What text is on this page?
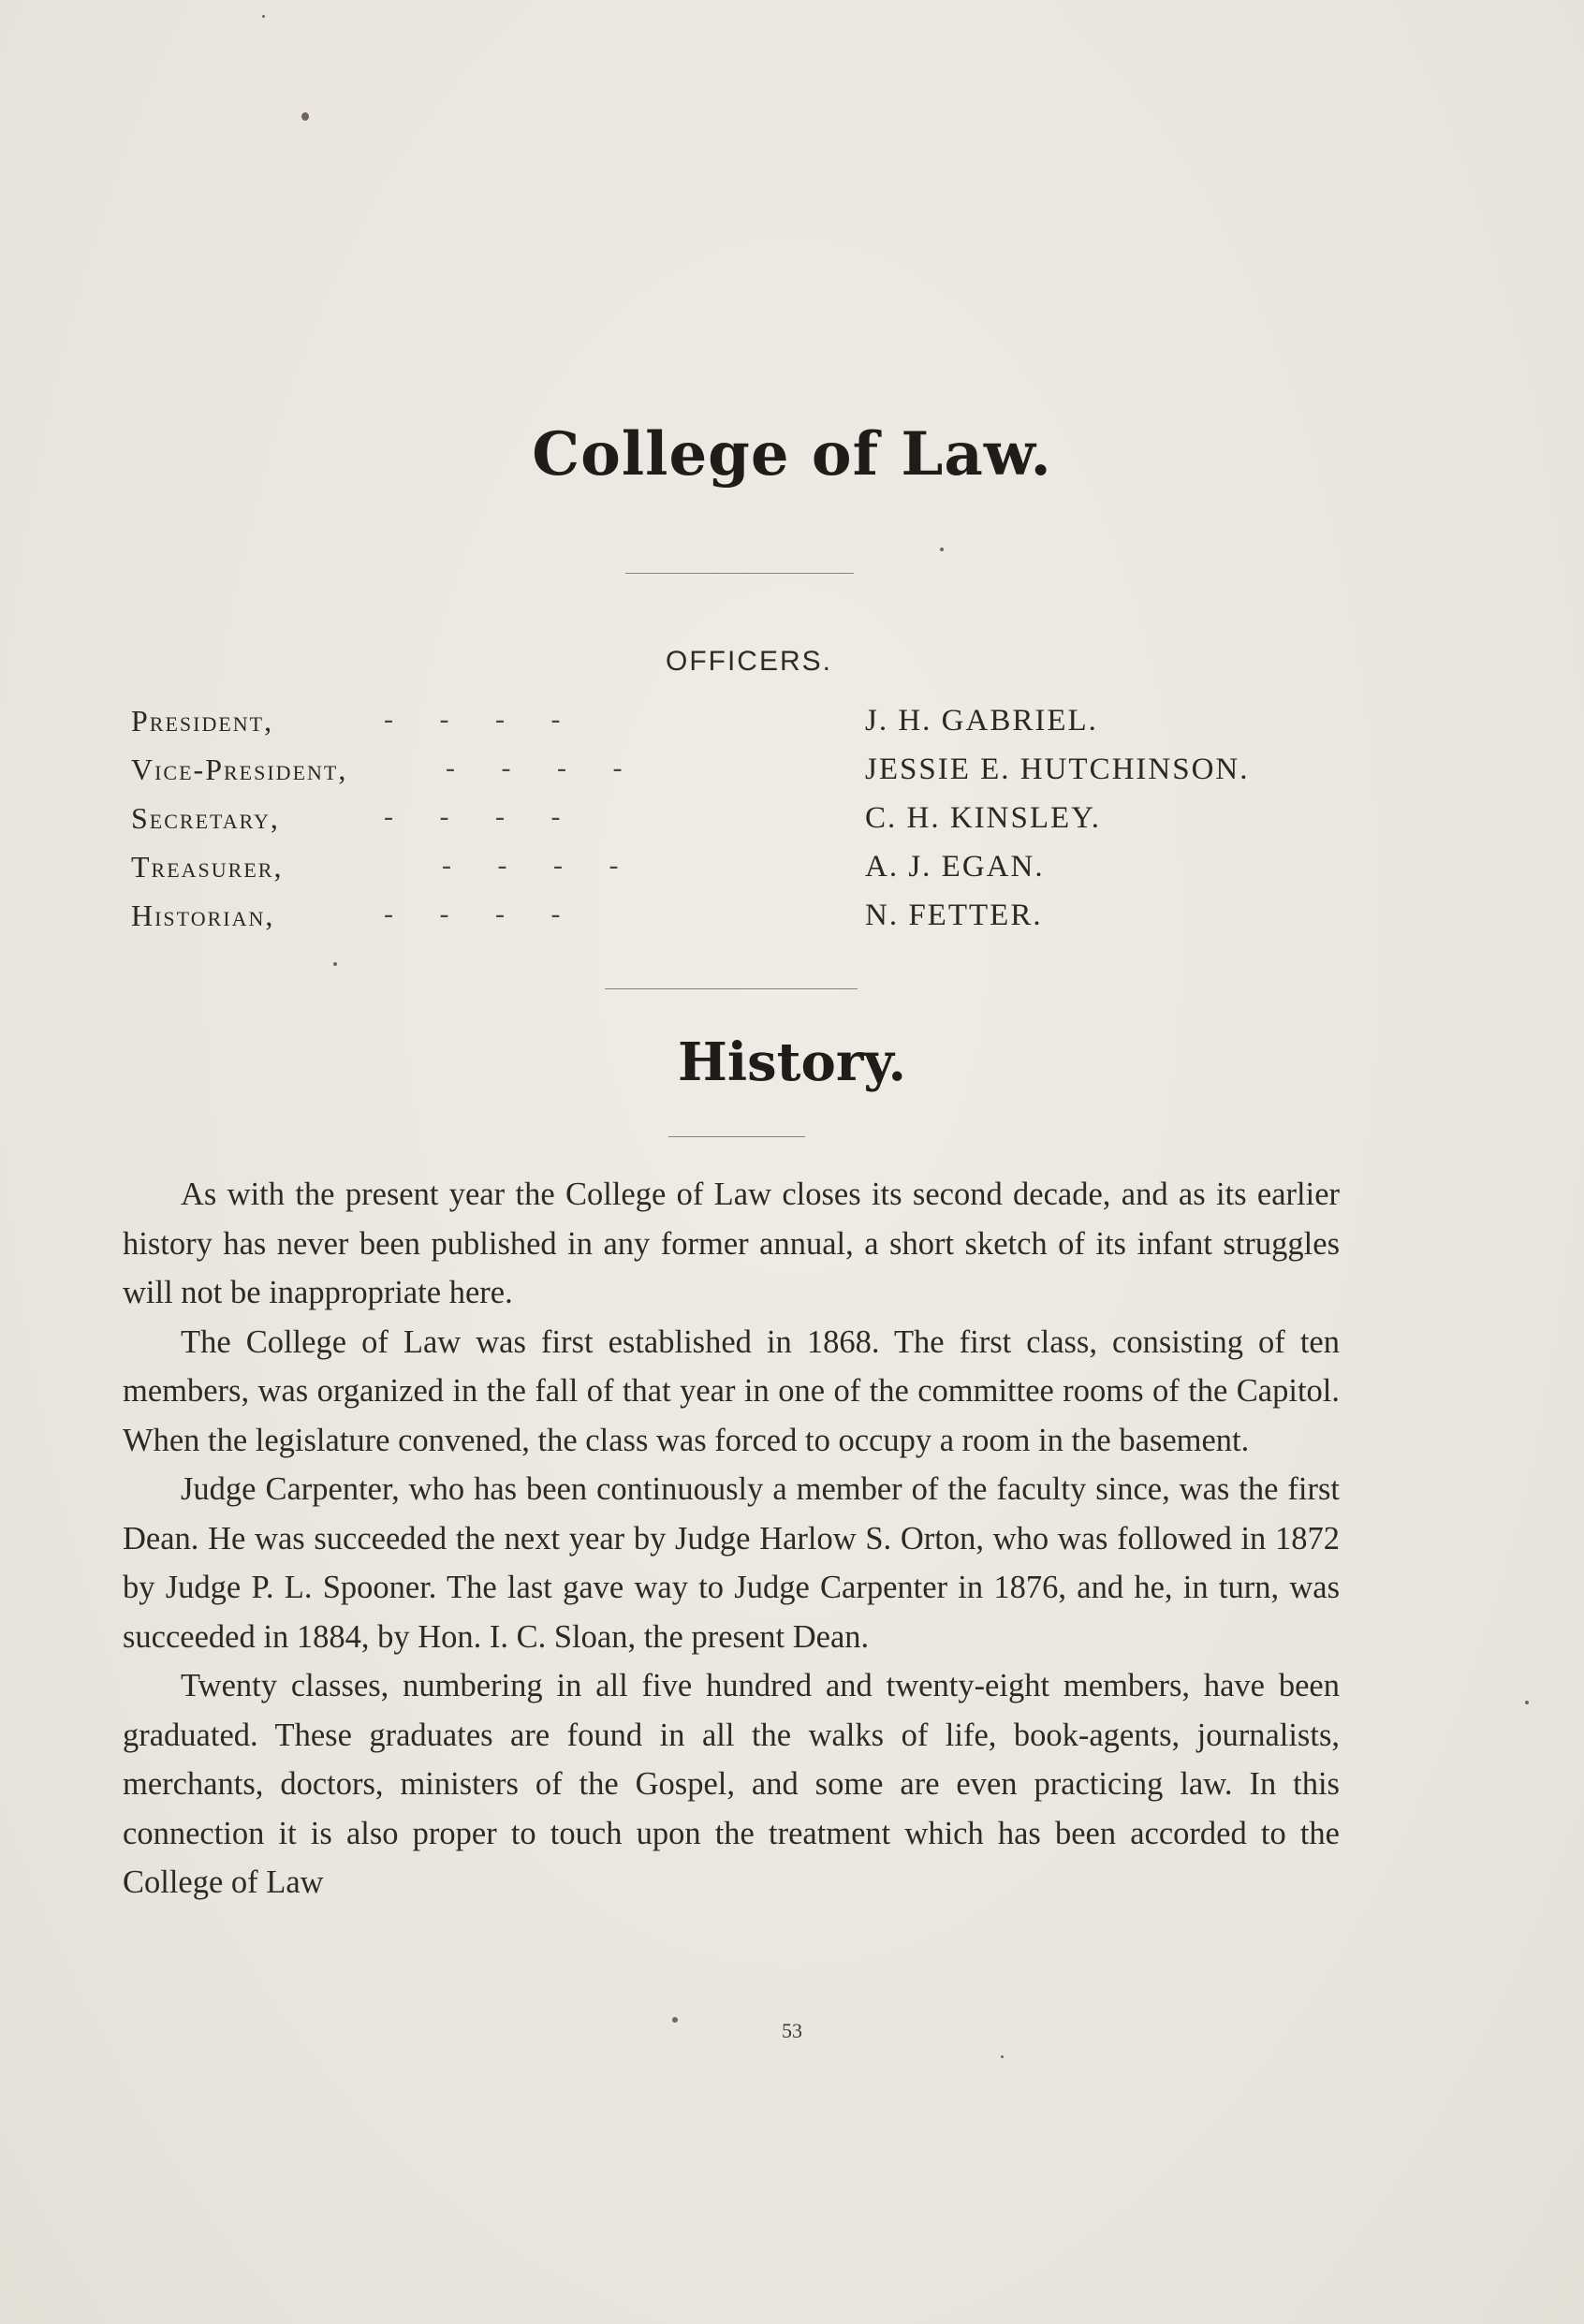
College of Law.
OFFICERS.
President,	- - - -	J. H. GABRIEL.
Vice-President,	- - - -	JESSIE E. HUTCHINSON.
Secretary,	- - - -	C. H. KINSLEY.
Treasurer,	- - - -	A. J. EGAN.
Historian,	- - - -	N. FETTER.
History.

As with the present year the College of Law closes its second decade, and as its earlier history has never been published in any former annual, a short sketch of its infant struggles will not be inappropriate here.

The College of Law was first established in 1868. The first class, consisting of ten members, was organized in the fall of that year in one of the committee rooms of the Capitol. When the legislature convened, the class was forced to occupy a room in the basement.

Judge Carpenter, who has been continuously a member of the faculty since, was the first Dean. He was succeeded the next year by Judge Harlow S. Orton, who was followed in 1872 by Judge P. L. Spooner. The last gave way to Judge Carpenter in 1876, and he, in turn, was succeeded in 1884, by Hon. I. C. Sloan, the present Dean.

Twenty classes, numbering in all five hundred and twenty-eight members, have been graduated. These graduates are found in all the walks of life, book-agents, journalists, merchants, doctors, ministers of the Gospel, and some are even practicing law. In this connection it is also proper to touch upon the treatment which has been accorded to the College of Law

53
